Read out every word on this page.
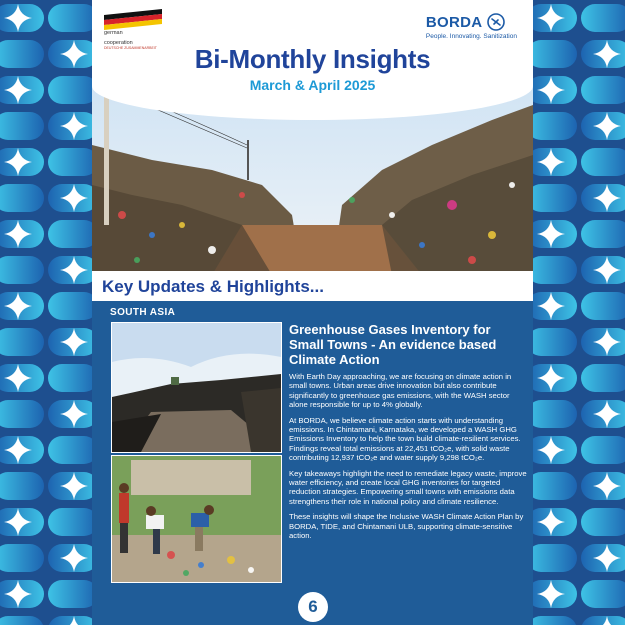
german
cooperation
DEUTSCHE ZUSAMMENARBEIT
BORDA
People. Innovating. Sanitization
Bi-Monthly Insights
March & April 2025
Key Updates & Highlights...
SOUTH ASIA
Greenhouse Gases Inventory for Small Towns - An evidence based Climate Action

With Earth Day approaching, we are focusing on climate action in small towns. Urban areas drive innovation but also contribute significantly to greenhouse gas emissions, with the WASH sector alone responsible for up to 4% globally.

At BORDA, we believe climate action starts with understanding emissions. In Chintamani, Karnataka, we developed a WASH GHG Emissions Inventory to help the town build climate-resilient services. Findings reveal total emissions at 22,451 tCO₂e, with solid waste contributing 12,937 tCO₂e and water supply 9,298 tCO₂e.

Key takeaways highlight the need to remediate legacy waste, improve water efficiency, and create local GHG inventories for targeted reduction strategies. Empowering small towns with emissions data strengthens their role in national policy and climate resilience.

These insights will shape the Inclusive WASH Climate Action Plan by BORDA, TIDE, and Chintamani ULB, supporting climate-sensitive action.

6
